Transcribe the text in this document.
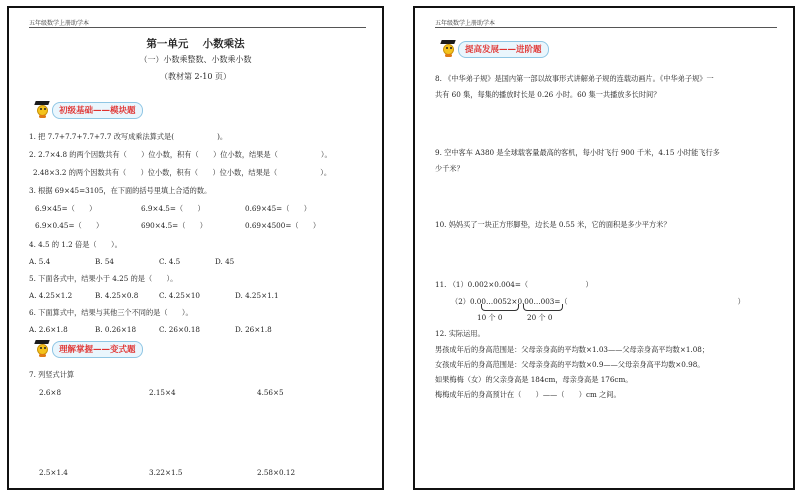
五年级数学上册助学本
第一单元　 小数乘法
（一）小数乘整数、小数乘小数
（教材第 2-10 页）
初级基础——模块题
1. 把 7.7+7.7+7.7+7.7 改写成乘法算式是(　　　　　　)。
2. 2.7×4.8 的两个因数共有（　　）位小数，积有（　　）位小数，结果是（　　　　　　）。
2.48×3.2 的两个因数共有（　　）位小数，积有（　　）位小数，结果是（　　　　　　）。
3. 根据 69×45=3105，在下面的括号里填上合适的数。
6.9×45=（　　）	6.9×4.5=（　　）	0.69×45=（　　）
6.9×0.45=（　　）	690×4.5=（　　）	0.69×4500=（　　）
4. 4.5 的 1.2 倍是（　　）。
A. 5.4	B. 54	C. 4.5	D. 45
5. 下面各式中，结果小于 4.25 的是（　　）。
A. 4.25×1.2	B. 4.25×0.8	C. 4.25×10	D. 4.25×1.1
6. 下面算式中，结果与其他三个不同的是（　　）。
A. 2.6×1.8	B. 0.26×18	C. 26×0.18	D. 26×1.8
理解掌握——变式题
7. 列竖式计算
2.6×8	2.15×4	4.56×5
2.5×1.4	3.22×1.5	2.58×0.12
五年级数学上册助学本
提高发展——进阶题
8. 《中华弟子规》是国内第一部以故事形式讲解弟子规的连载动画片。《中华弟子规》一
共有 60 集，每集的播放时长是 0.26 小时。60 集一共播放多长时间？
9. 空中客车 A380 是全球载客量最高的客机，每小时飞行 900 千米，4.15 小时能飞行多
少千米？
10. 妈妈买了一块正方形脚垫，边长是 0.55 米，它的面积是多少平方米？
11. （1）0.002×0.004=（　　　　　　　　）
（2）0.00…0052×0.00…003=（	）
10 个 0	20 个 0
12. 实际运用。
男孩成年后的身高范围是：父母亲身高的平均数×1.03——父母亲身高平均数×1.08；
女孩成年后的身高范围是：父母亲身高的平均数×0.9——父母亲身高平均数×0.98。
如果梅梅（女）的父亲身高是 184cm，母亲身高是 176cm。
梅梅成年后的身高预计在（　　）——（　　）cm 之间。
